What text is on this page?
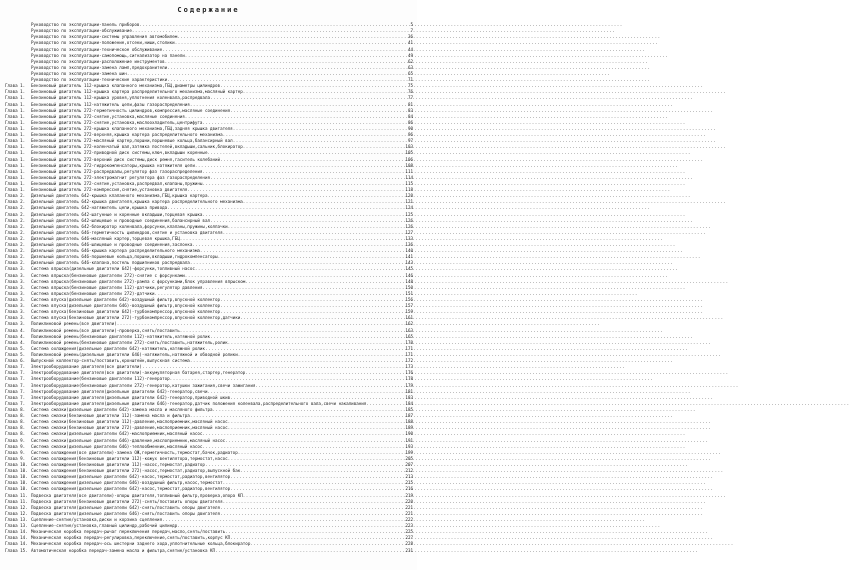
Содержание
Руководство по эксплуатации-панель приборов .....	5
Руководство по эксплуатации-обслуживание .....	7
Руководство по эксплуатации-системы управления автомобилем .....	36
Руководство по эксплуатации-положение,отсеки,ниши,столики .....	41
Руководство по эксплуатации-техническое обслуживание .....	44
Руководство по эксплуатации-самопомощь,сигнализатор на панели .....	49
Руководство по эксплуатации-расположение инструментов .....	62
Руководство по эксплуатации-замена ламп,предохранители .....	63
Руководство по эксплуатации-замена шин .....	65
Руководство по эксплуатации-технические характеристики .....	71
Глава 1.	Бензиновый двигатель 112-крышка клапанного механизма,ГБЦ,диаметры цилиндров .....	75
Глава 1.	Бензиновый двигатель 112-крышка картера распределительного механизма,масляный картер .....	76
Глава 1.	Бензиновый двигатель 112-крышка уровня,уплотнения коленвала,распредвала .....	77
Глава 1.	Бензиновый двигатель 112-натяжитель цепи,фазы газораспределения .....	81
Глава 1.	Бензиновый двигатель 272-герметичность цилиндров,компрессия,масляные соединения .....	83
Глава 1.	Бензиновый двигатель 272-снятие,установка,масляные соединения .....	84
Глава 1.	Бензиновый двигатель 272-снятие,установка,маслоохладитель,центрифуга .....	86
Глава 1.	Бензиновый двигатель 272-крышка клапанного механизма,ГБЦ,задняя крышка двигателя .....	90
Глава 1.	Бензиновый двигатель 272-верхняя,крышка картера распределительного механизма .....	96
Глава 1.	Бензиновый двигатель 272-масляный картер,поршни,поршневые кольца,балансирный вал .....	97
Глава 1.	Бензиновый двигатель 272-коленчатый вал,затяжка постелей,вкладыши,сальник,блокиратор .....	103
Глава 1.	Бензиновый двигатель 272-приводной диск системы,ключ,вкладыши коренные .....	105
Глава 1.	Бензиновый двигатель 272-верхний диск системы,диск ремня,гаситель колебаний .....	106
Глава 1.	Бензиновый двигатель 272-гидрокомпенсаторы,крышка натяжителя цепи .....	108
Глава 1.	Бензиновый двигатель 272-распредвалы,регулятор фаз газораспределения .....	111
Глава 1.	Бензиновый двигатель 272-электромагнит регулятора фаз газораспределения .....	114
Глава 1.	Бензиновый двигатель 272-снятие,установка,распредвал,клапаны,пружины .....	115
Глава 1.	Бензиновый двигатель 272-компрессия,снятие,установка двигателя .....	118
Глава 2.	Дизельный двигатель 642-крышка клапанного механизма,ГБЦ,крышка картера .....	120
Глава 2.	Дизельный двигатель 642-крышка двигателя,крышка картера распределительного механизма .....	121
Глава 2.	Дизельный двигатель 642-натяжитель цепи,крышка привода .....	124
Глава 2.	Дизельный двигатель 642-шатунные и коренные вкладыши,торцевая крышка .....	125
Глава 2.	Дизельный двигатель 642-шлицевые и проводные соединения,балансирный вал .....	126
Глава 2.	Дизельный двигатель 642-блокиратор коленвала,форсунки,клапаны,пружины,колпачки .....	126
Глава 2.	Дизельный двигатель 646-герметичность цилиндров,снятие и установка двигателя .....	127
Глава 2.	Дизельный двигатель 646-масляный картер,торцевая крышка,ГБЦ .....	133
Глава 2.	Дизельный двигатель 646-шлицевые и проводные соединения,заслонка .....	136
Глава 2.	Дизельный двигатель 646-крышка картера распределительного механизма .....	140
Глава 2.	Дизельный двигатель 646-поршневые кольца,поршни,вкладыши,гидрокомпенсаторы .....	141
Глава 2.	Дизельный двигатель 646-клапана,постель подшипников распредвала .....	143
Глава 3.	Система впрыска(дизельные двигатели 642)-форсунки,топливный насос .....	145
Глава 3.	Система впрыска(бензиновые двигатели 272)-снятие с форсунками .....	146
Глава 3.	Система впрыска(бензиновые двигатели 272)-рампа с форсунками,блок управления впрыском .....	148
Глава 3.	Система впрыска(бензиновые двигатели 112)-датчики,регулятор давления .....	150
Глава 3.	Система впрыска(бензиновые двигатели 272)-датчики .....	151
Глава 3.	Система впуска(дизельные двигатели 642)-воздушный фильтр,впускной коллектор .....	156
Глава 3.	Система впуска(дизельные двигатели 646)-воздушный фильтр,впускной коллектор .....	157
Глава 3.	Система впуска(бензиновые двигатели 642)-турбокомпрессор,впускной коллектор .....	159
Глава 3.	Система впуска(бензиновые двигатели 272)-турбокомпрессор,впускной коллектор,датчики .....	161
Глава 3.	Поликлиновой ремень(все двигатели) .....	162
Глава 4.	Поликлиновой ремень(все двигатели)-проверка,снять/поставить .....	163
Глава 4.	Поликлиновой ремень(бензиновые двигатели 112)-натяжитель,натяжной ролик .....	165
Глава 4.	Поликлиновой ремень(бензиновые двигатели 272)-снять/поставить,натяжитель,ролик .....	170
Глава 5.	Система охлаждения(дизельные двигатели 642)-натяжитель,натяжной ролик .....	171
Глава 5.	Поликлиновой ремень(дизельные двигатели 646)-натяжитель,натяжной и обводной ролики .....	171
Глава 6.	Выпускной коллектор-снять/поставить,кронштейн,выпускная система .....	172
Глава 7.	Электрооборудование двигателя(все двигатели) .....	173
Глава 7.	Электрооборудование двигателя(все двигатели)-аккумуляторная батарея,стартер,генератор .....	176
Глава 7.	Электрооборудование(бензиновые двигатели 112)-генератор .....	178
Глава 7.	Электрооборудование(бензиновые двигатели 272)-генератор,катушки зажигания,свечи зажигания .....	179
Глава 7.	Электрооборудование двигателя(дизельные двигатели 642)-генератор,свечи .....	181
Глава 7.	Электрооборудование двигателя(дизельные двигатели 642)-генератор,приводной шкив .....	183
Глава 7.	Электрооборудование двигателя(дизельные двигатели 646)-генератор,датчик положения коленвала,распределительного вала,свечи накаливания .....	184
Глава 8.	Система смазки(дизельные двигатели 642)-замена масла и масляного фильтра .....	185
Глава 8.	Система смазки(бензиновые двигатели 112)-замена масла и фильтра .....	187
Глава 8.	Система смазки(бензиновые двигатели 112)-давление,маслоприемник,масляный насос .....	188
Глава 8.	Система смазки(бензиновые двигатели 272)-давление,маслоприемник,масляный насос .....	189
Глава 8.	Система смазки(дизельные двигатели 642)-маслоприемник,масляный насос .....	190
Глава 9.	Система смазки(дизельные двигатели 646)-давление,маслоприемник,масляный насос .....	191
Глава 9.	Система смазки(дизельные двигатели 646)-теплообменник,масляный насос .....	193
Глава 9.	Система охлаждения(все двигатели)-замена ОЖ,герметичность,термостат,бачок,радиатор .....	199
Глава 9.	Система охлаждения(бензиновые двигатели 112)-кожух вентилятора,термостат,насос .....	205
Глава 10. Система охлаждения(бензиновые двигатели 112)-насос,термостат,радиатор .....	207
Глава 10. Система охлаждения(бензиновые двигатели 272)-насос,термостат,радиатор,выпускной бак .....	212
Глава 10. Система охлаждения(дизельные двигатели 642)-насос,термостат,радиатор,вентилятор .....	213
Глава 10. Система охлаждения(дизельные двигатели 646)-воздушный фильтр,насос,термостат .....	215
Глава 10. Система охлаждения(дизельные двигатели 642)-насос,термостат,радиатор,вентилятор .....	216
Глава 11. Подвеска двигателя(все двигатели)-опоры двигателя,топливный фильтр,проверка,опора КП .....	219
Глава 11. Подвеска двигателя(бензиновые двигатели 272)-снять/поставить опоры двигателя .....	220
Глава 12. Подвеска двигателя(дизельные двигатели 642)-снять/поставить опоры двигателя .....	221
Глава 12. Подвеска двигателя(дизельные двигатели 646)-снять/поставить опоры двигателя .....	221
Глава 13. Сцепление-снятие/установка,диски и корзина сцепления .....	222
Глава 13. Сцепление-снятие/установка,главный цилиндр,рабочий цилиндр .....	223
Глава 14. Механическая коробка передач-рычаг переключения передач,масло,снять/поставить .....	225
Глава 14. Механическая коробка передач-регулировка,переключение,снять/поставить,корпус КП .....	227
Глава 14. Механическая коробка передач-ось шестерни заднего хода,уплотнительные кольца,блокиратор .....	228
Глава 15. Автоматическая коробка передач-замена масла и фильтра,снятие/установка КП .....	231
